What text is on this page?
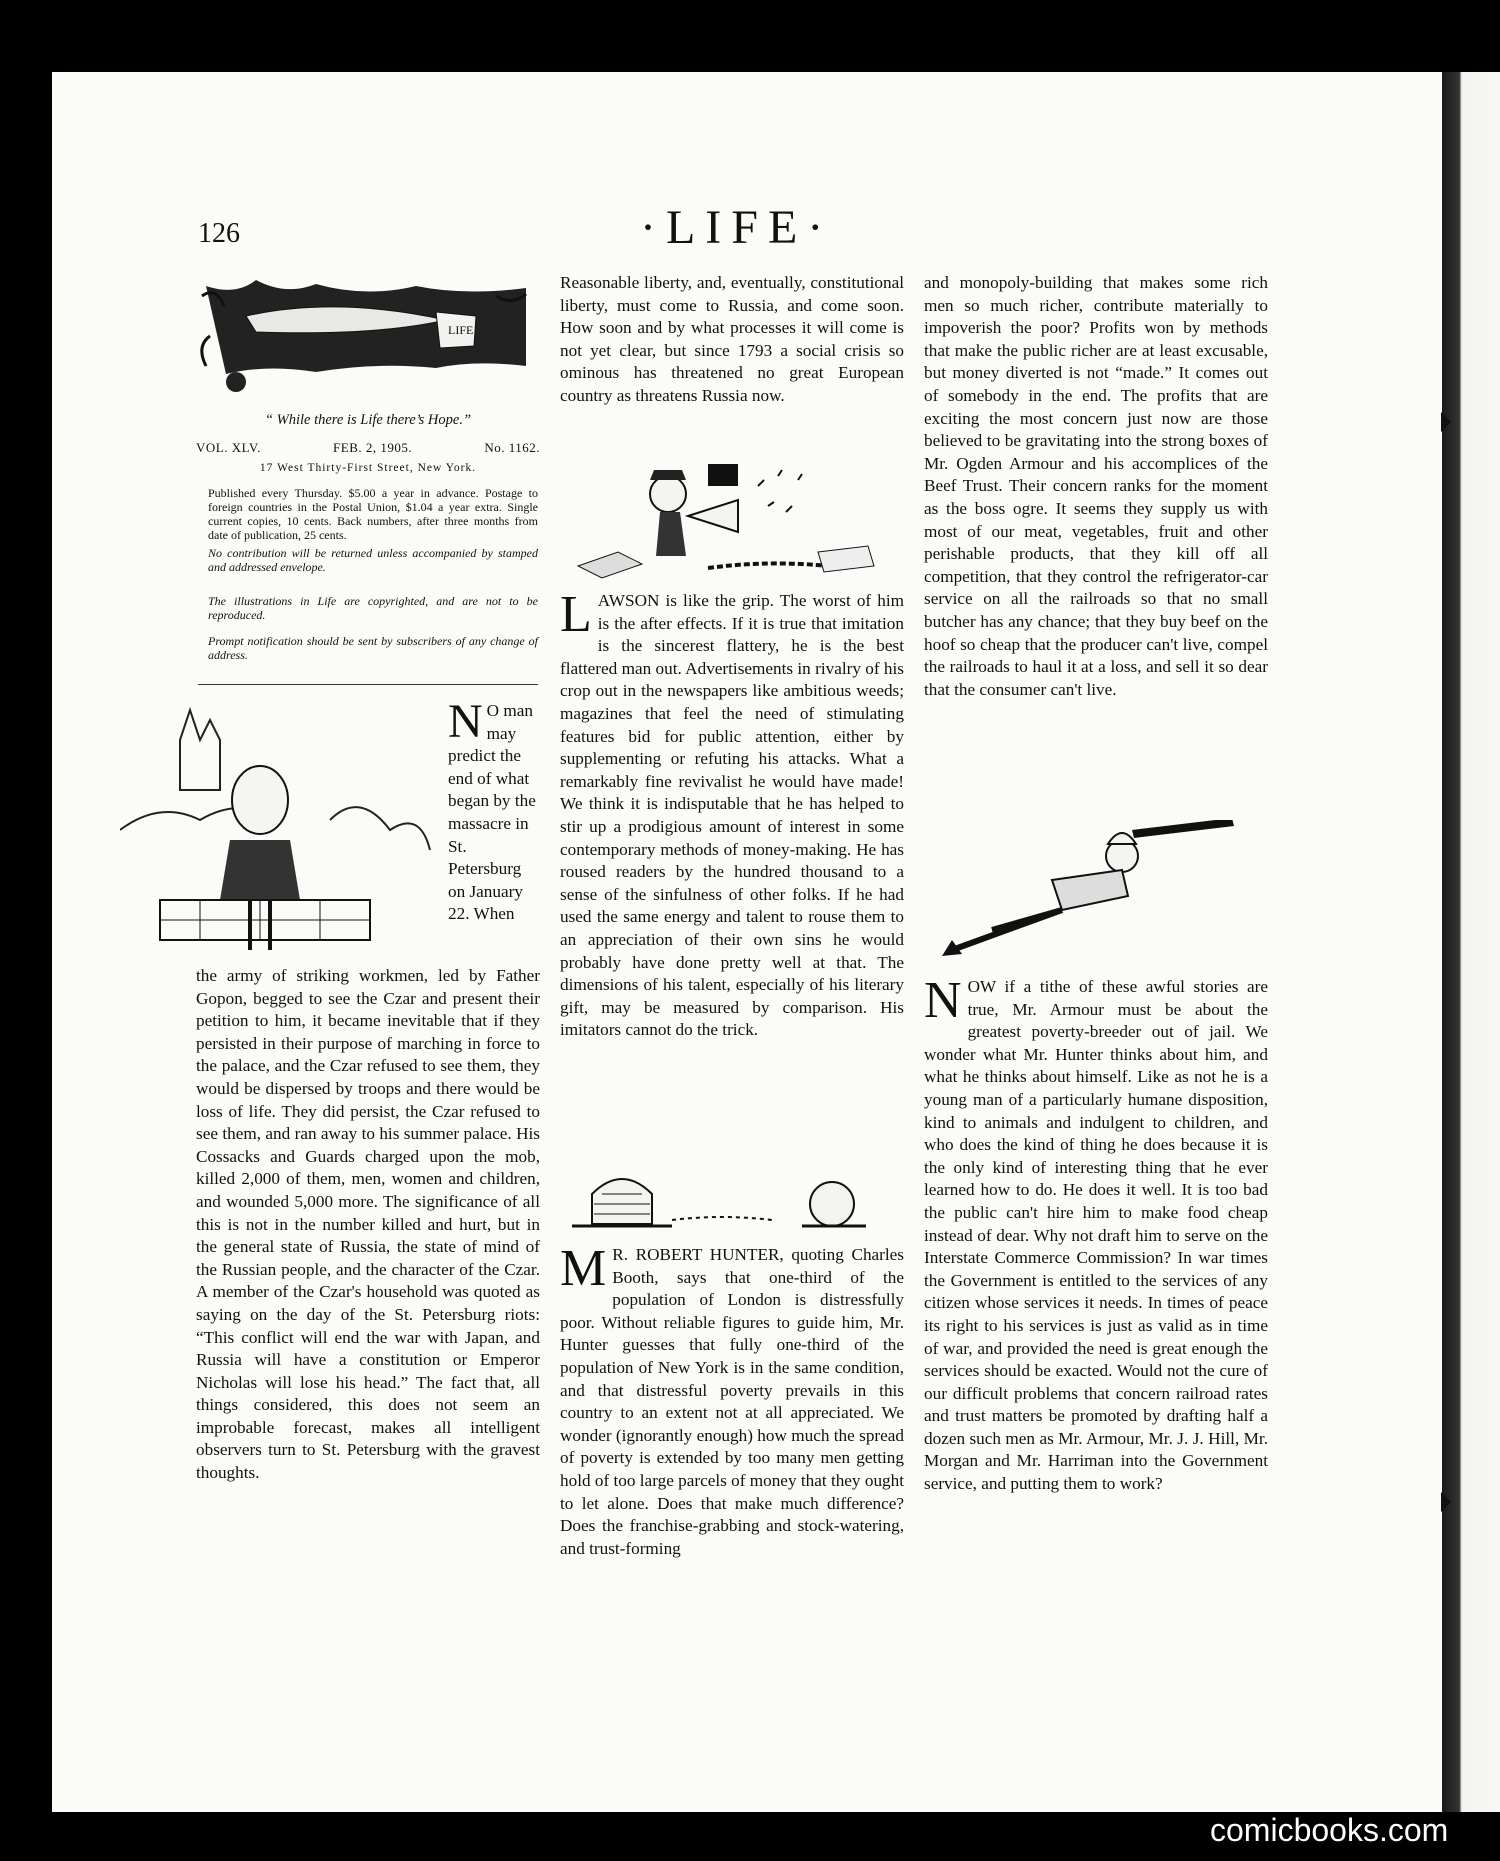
126	·LIFE·
LIFE
“ While there is Life there’s Hope.”
VOL. XLV.	FEB. 2, 1905.	No. 1162.
17 West Thirty-First Street, New York.
Published every Thursday. $5.00 a year in advance. Postage to foreign countries in the Postal Union, $1.04 a year extra. Single current copies, 10 cents. Back numbers, after three months from date of publication, 25 cents.
No contribution will be returned unless accompanied by stamped and addressed envelope.
The illustrations in Life are copyrighted, and are not to be reproduced.
Prompt notification should be sent by subscribers of any change of address.
N O man may predict the end of what began by the massacre in St. Petersburg on January 22. When

the army of striking workmen, led by Father Gopon, begged to see the Czar and present their petition to him, it became inevitable that if they persisted in their purpose of marching in force to the palace, and the Czar refused to see them, they would be dispersed by troops and there would be loss of life. They did persist, the Czar refused to see them, and ran away to his summer palace. His Cossacks and Guards charged upon the mob, killed 2,000 of them, men, women and children, and wounded 5,000 more. The significance of all this is not in the number killed and hurt, but in the general state of Russia, the state of mind of the Russian people, and the character of the Czar. A member of the Czar's household was quoted as saying on the day of the St. Petersburg riots: “This conflict will end the war with Japan, and Russia will have a constitution or Emperor Nicholas will lose his head.” The fact that, all things considered, this does not seem an improbable forecast, makes all intelligent observers turn to St. Petersburg with the gravest thoughts.

Reasonable liberty, and, eventually, constitutional liberty, must come to Russia, and come soon. How soon and by what processes it will come is not yet clear, but since 1793 a social crisis so ominous has threatened no great European country as threatens Russia now.

L AWSON is like the grip. The worst of him is the after effects. If it is true that imitation is the sincerest flattery, he is the best flattered man out. Advertisements in rivalry of his crop out in the newspapers like ambitious weeds; magazines that feel the need of stimulating features bid for public attention, either by supplementing or refuting his attacks. What a remarkably fine revivalist he would have made! We think it is indisputable that he has helped to stir up a prodigious amount of interest in some contemporary methods of money-making. He has roused readers by the hundred thousand to a sense of the sinfulness of other folks. If he had used the same energy and talent to rouse them to an appreciation of their own sins he would probably have done pretty well at that. The dimensions of his talent, especially of his literary gift, may be measured by comparison. His imitators cannot do the trick.
M R. ROBERT HUNTER, quoting Charles Booth, says that one-third of the population of London is distressfully poor. Without reliable figures to guide him, Mr. Hunter guesses that fully one-third of the population of New York is in the same condition, and that distressful poverty prevails in this country to an extent not at all appreciated. We wonder (ignorantly enough) how much the spread of poverty is extended by too many men getting hold of too large parcels of money that they ought to let alone. Does that make much difference? Does the franchise-grabbing and stock-watering, and trust-forming

and monopoly-building that makes some rich men so much richer, contribute materially to impoverish the poor? Profits won by methods that make the public richer are at least excusable, but money diverted is not “made.” It comes out of somebody in the end. The profits that are exciting the most concern just now are those believed to be gravitating into the strong boxes of Mr. Ogden Armour and his accomplices of the Beef Trust. Their concern ranks for the moment as the boss ogre. It seems they supply us with most of our meat, vegetables, fruit and other perishable products, that they kill off all competition, that they control the refrigerator-car service on all the railroads so that no small butcher has any chance; that they buy beef on the hoof so cheap that the producer can't live, compel the railroads to haul it at a loss, and sell it so dear that the consumer can't live.

N OW if a tithe of these awful stories are true, Mr. Armour must be about the greatest poverty-breeder out of jail. We wonder what Mr. Hunter thinks about him, and what he thinks about himself. Like as not he is a young man of a particularly humane disposition, kind to animals and indulgent to children, and who does the kind of thing he does because it is the only kind of interesting thing that he ever learned how to do. He does it well. It is too bad the public can't hire him to make food cheap instead of dear. Why not draft him to serve on the Interstate Commerce Commission? In war times the Government is entitled to the services of any citizen whose services it needs. In times of peace its right to his services is just as valid as in time of war, and provided the need is great enough the services should be exacted. Would not the cure of our difficult problems that concern railroad rates and trust matters be promoted by drafting half a dozen such men as Mr. Armour, Mr. J. J. Hill, Mr. Morgan and Mr. Harriman into the Government service, and putting them to work?
comicbooks.com
